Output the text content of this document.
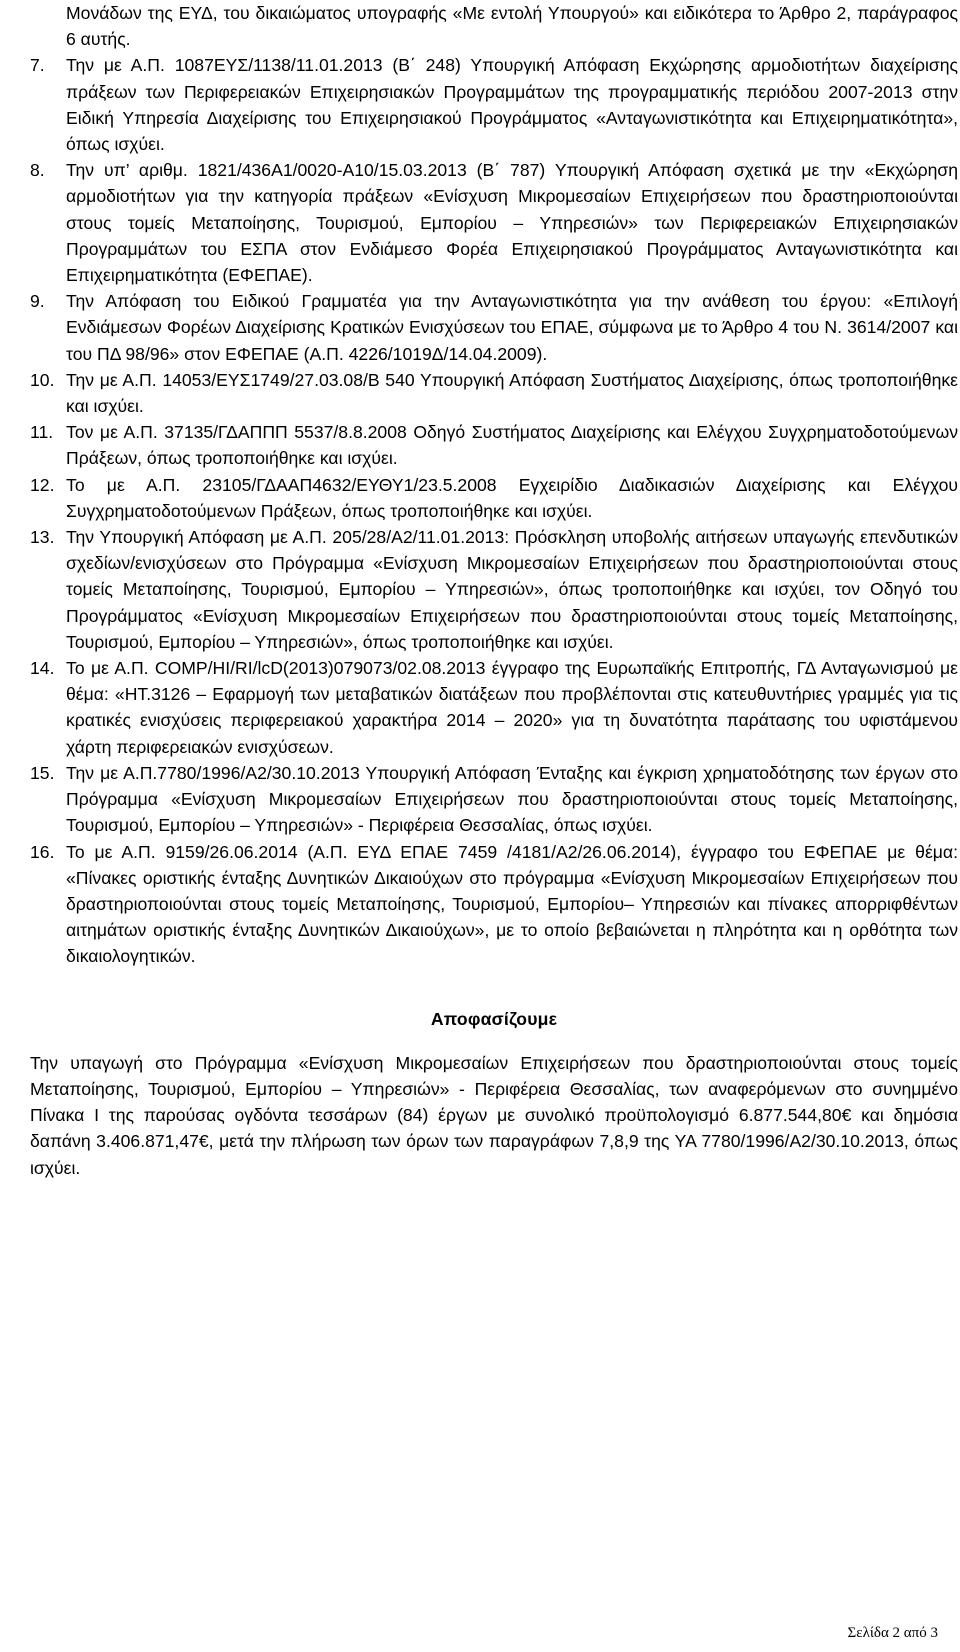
Μονάδων της ΕΥΔ, του δικαιώματος υπογραφής «Με εντολή Υπουργού» και ειδικότερα το Άρθρο 2, παράγραφος 6 αυτής.
7. Την με Α.Π. 1087ΕΥΣ/1138/11.01.2013 (Β΄ 248) Υπουργική Απόφαση Εκχώρησης αρμοδιοτήτων διαχείρισης πράξεων των Περιφερειακών Επιχειρησιακών Προγραμμάτων της προγραμματικής περιόδου 2007-2013 στην Ειδική Υπηρεσία Διαχείρισης του Επιχειρησιακού Προγράμματος «Ανταγωνιστικότητα και Επιχειρηματικότητα», όπως ισχύει.
8. Την υπ’ αριθμ. 1821/436Α1/0020-Α10/15.03.2013 (Β΄ 787) Υπουργική Απόφαση σχετικά με την «Εκχώρηση αρμοδιοτήτων για την κατηγορία πράξεων «Ενίσχυση Μικρομεσαίων Επιχειρήσεων που δραστηριοποιούνται στους τομείς Μεταποίησης, Τουρισμού, Εμπορίου – Υπηρεσιών» των Περιφερειακών Επιχειρησιακών Προγραμμάτων του ΕΣΠΑ στον Ενδιάμεσο Φορέα Επιχειρησιακού Προγράμματος Ανταγωνιστικότητα και Επιχειρηματικότητα (ΕΦΕΠΑΕ).
9. Την Απόφαση του Ειδικού Γραμματέα για την Ανταγωνιστικότητα για την ανάθεση του έργου: «Επιλογή Ενδιάμεσων Φορέων Διαχείρισης Κρατικών Ενισχύσεων του ΕΠΑΕ, σύμφωνα με το Άρθρο 4 του Ν. 3614/2007 και του ΠΔ 98/96» στον ΕΦΕΠΑΕ (Α.Π. 4226/1019Δ/14.04.2009).
10. Την με Α.Π. 14053/ΕΥΣ1749/27.03.08/Β 540 Υπουργική Απόφαση Συστήματος Διαχείρισης, όπως τροποποιήθηκε και ισχύει.
11. Τον με Α.Π. 37135/ΓΔΑΠΠΠ 5537/8.8.2008 Οδηγό Συστήματος Διαχείρισης και Ελέγχου Συγχρηματοδοτούμενων Πράξεων, όπως τροποποιήθηκε και ισχύει.
12. Το με Α.Π. 23105/ΓΔΑΑΠ4632/ΕΥΘΥ1/23.5.2008 Εγχειρίδιο Διαδικασιών Διαχείρισης και Ελέγχου Συγχρηματοδοτούμενων Πράξεων, όπως τροποποιήθηκε και ισχύει.
13. Την Υπουργική Απόφαση με Α.Π. 205/28/Α2/11.01.2013: Πρόσκληση υποβολής αιτήσεων υπαγωγής επενδυτικών σχεδίων/ενισχύσεων στο Πρόγραμμα «Ενίσχυση Μικρομεσαίων Επιχειρήσεων που δραστηριοποιούνται στους τομείς Μεταποίησης, Τουρισμού, Εμπορίου – Υπηρεσιών», όπως τροποποιήθηκε και ισχύει, τον Οδηγό του Προγράμματος «Ενίσχυση Μικρομεσαίων Επιχειρήσεων που δραστηριοποιούνται στους τομείς Μεταποίησης, Τουρισμού, Εμπορίου – Υπηρεσιών», όπως τροποποιήθηκε και ισχύει.
14. Το με Α.Π. COMP/HI/RI/lcD(2013)079073/02.08.2013 έγγραφο της Ευρωπαϊκής Επιτροπής, ΓΔ Ανταγωνισμού με θέμα: «ΗΤ.3126 – Εφαρμογή των μεταβατικών διατάξεων που προβλέπονται στις κατευθυντήριες γραμμές για τις κρατικές ενισχύσεις περιφερειακού χαρακτήρα 2014 – 2020» για τη δυνατότητα παράτασης του υφιστάμενου χάρτη περιφερειακών ενισχύσεων.
15. Την με Α.Π.7780/1996/Α2/30.10.2013 Υπουργική Απόφαση Ένταξης και έγκριση χρηματοδότησης των έργων στο Πρόγραμμα «Ενίσχυση Μικρομεσαίων Επιχειρήσεων που δραστηριοποιούνται στους τομείς Μεταποίησης, Τουρισμού, Εμπορίου – Υπηρεσιών» - Περιφέρεια Θεσσαλίας, όπως ισχύει.
16. Το με Α.Π. 9159/26.06.2014 (Α.Π. ΕΥΔ ΕΠΑΕ 7459 /4181/Α2/26.06.2014), έγγραφο του ΕΦΕΠΑΕ με θέμα: «Πίνακες οριστικής ένταξης Δυνητικών Δικαιούχων στο πρόγραμμα «Ενίσχυση Μικρομεσαίων Επιχειρήσεων που δραστηριοποιούνται στους τομείς Μεταποίησης, Τουρισμού, Εμπορίου– Υπηρεσιών και πίνακες απορριφθέντων αιτημάτων οριστικής ένταξης Δυνητικών Δικαιούχων», με το οποίο βεβαιώνεται η πληρότητα και η ορθότητα των δικαιολογητικών.
Αποφασίζουμε
Την υπαγωγή στο Πρόγραμμα «Ενίσχυση Μικρομεσαίων Επιχειρήσεων που δραστηριοποιούνται στους τομείς Μεταποίησης, Τουρισμού, Εμπορίου – Υπηρεσιών» - Περιφέρεια Θεσσαλίας, των αναφερόμενων στο συνημμένο Πίνακα Ι της παρούσας ογδόντα τεσσάρων (84) έργων με συνολικό προϋπολογισμό 6.877.544,80€ και δημόσια δαπάνη 3.406.871,47€, μετά την πλήρωση των όρων των παραγράφων 7,8,9 της ΥΑ 7780/1996/Α2/30.10.2013, όπως ισχύει.
Σελίδα 2 από 3
